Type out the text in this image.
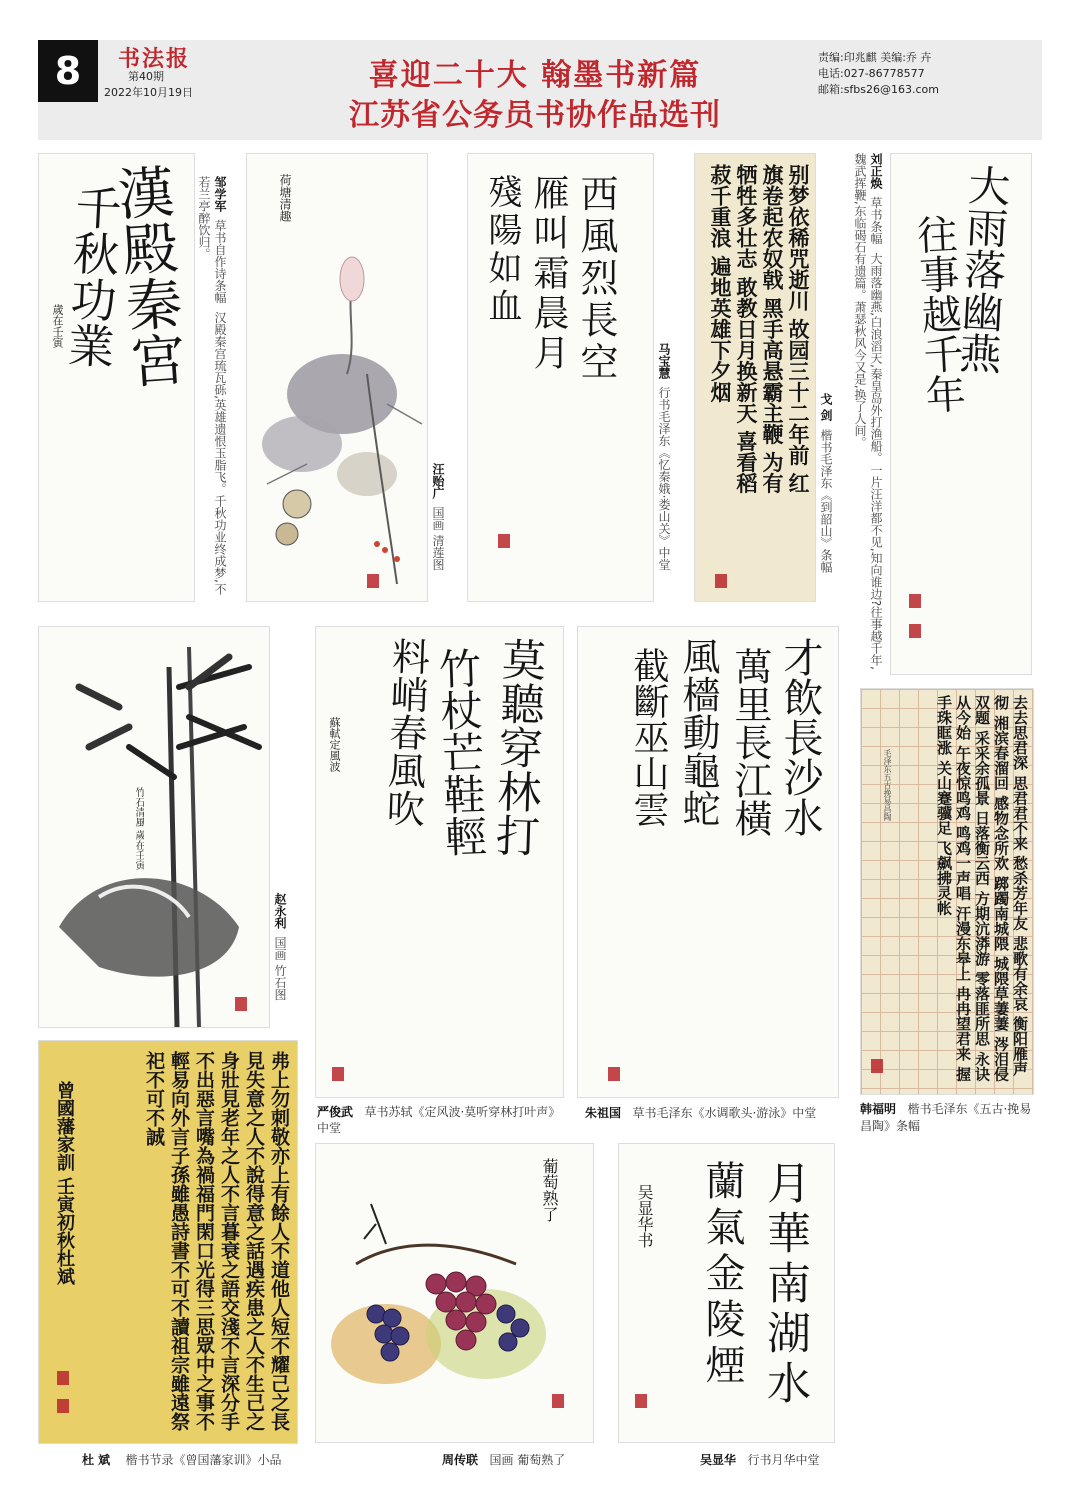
8	书法报
第40期
2022年10月19日	喜迎二十大 翰墨书新篇
江苏省公务员书协作品选刊
责编:印兆麒 美编:乔 卉
电话:027-86778577
邮箱:sfbs26@163.com
漢殿秦宮
千秋功業
歲在壬寅
邹学军  草书自作诗条幅  汉殿秦宫琉瓦砾,英雄遗恨玉脂飞。千秋功业终成梦,不若兰亭醉饮归。	荷塘清趣
汪贻广  国画 清莲图
西風烈長空
雁叫霜晨月
殘陽如血
马宝慧  行书毛泽东《忆秦娥·娄山关》中堂	别梦依稀咒逝川 故园三十二年前 红旗卷起农奴戟 黑手高悬霸主鞭 为有牺牲多壮志 敢教日月换新天 喜看稻菽千重浪 遍地英雄下夕烟
戈 剑  楷书毛泽东《到韶山》条幅
刘正焕  草书条幅  大雨落幽燕,白浪滔天,秦皇岛外打渔船。一片汪洋都不见,知向谁边?往事越千年,魏武挥鞭,东临碣石有遗篇。萧瑟秋风今又是,换了人间。	大雨落幽燕
往事越千年
竹石清風 歲在壬寅
赵永利  国画 竹石图
莫聽穿林打
竹杖芒鞋輕
料峭春風吹
蘇軾定風波
严俊武 草书苏轼《定风波·莫听穿林打叶声》中堂
才飲長沙水
萬里長江橫
風檣動龜蛇
截斷巫山雲
朱祖国 草书毛泽东《水调歌头·游泳》中堂
去去思君深 思君君不来 愁杀芳年友 悲歌有余哀 衡阳雁声彻 湘滨春溜回 感物念所欢 踯躅南城隈 城隈草萋萋 涔泪侵双题 采采余孤景 日落衡云西 方期沆漭游 零落匪所思 永诀从今始 午夜惊鸣鸡 鸣鸡一声唱 汗漫东皋上 冉冉望君来 握手珠眶涨 关山蹇骥足 飞飙拂灵帐
毛泽东五古挽易昌陶
韩福明 楷书毛泽东《五古·挽易昌陶》条幅
弗上勿刺敬亦上有餘人不道他人短不耀己之長見失意之人不說得意之話遇疾患之人不生己之身壯見老年之人不言暮衰之語交淺不言深分手不出惡言嘴為禍福門閑口光得三思眾中之事不輕易向外言子孫雖愚詩書不可不讀祖宗雖遠祭祀不可不誠
曾國藩家訓 壬寅初秋杜斌
杜 斌 楷书节录《曾国藩家训》小品
葡萄熟了
周传联 国画 葡萄熟了
月華南湖水
蘭氣金陵煙
吴显华书
吴显华 行书月华中堂
